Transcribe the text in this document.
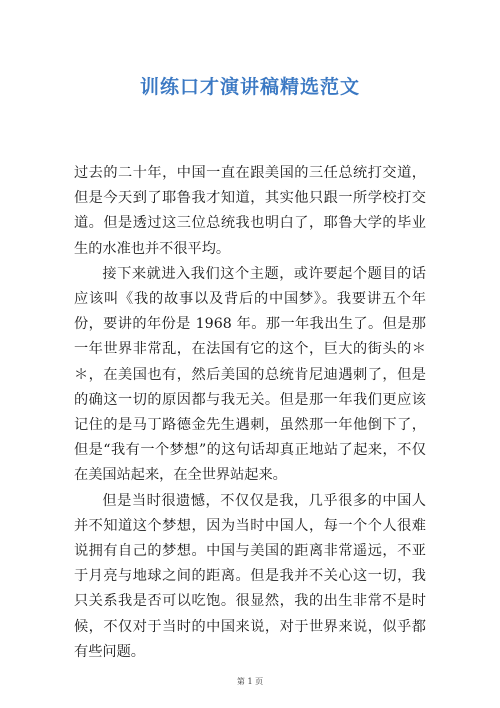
训练口才演讲稿精选范文

过去的二十年，中国一直在跟美国的三任总统打交道，但是今天到了耶鲁我才知道，其实他只跟一所学校打交道。但是透过这三位总统我也明白了，耶鲁大学的毕业生的水准也并不很平均。

接下来就进入我们这个主题，或许要起个题目的话应该叫《我的故事以及背后的中国梦》。我要讲五个年份，要讲的年份是 1968 年。那一年我出生了。但是那一年世界非常乱，在法国有它的这个，巨大的街头的＊＊，在美国也有，然后美国的总统肯尼迪遇刺了，但是的确这一切的原因都与我无关。但是那一年我们更应该记住的是马丁路德金先生遇刺，虽然那一年他倒下了，但是“我有一个梦想”的这句话却真正地站了起来，不仅在美国站起来，在全世界站起来。

但是当时很遗憾，不仅仅是我，几乎很多的中国人并不知道这个梦想，因为当时中国人，每一个个人很难说拥有自己的梦想。中国与美国的距离非常遥远，不亚于月亮与地球之间的距离。但是我并不关心这一切，我只关系我是否可以吃饱。很显然，我的出生非常不是时候，不仅对于当时的中国来说，对于世界来说，似乎都有些问题。

第 1 页
